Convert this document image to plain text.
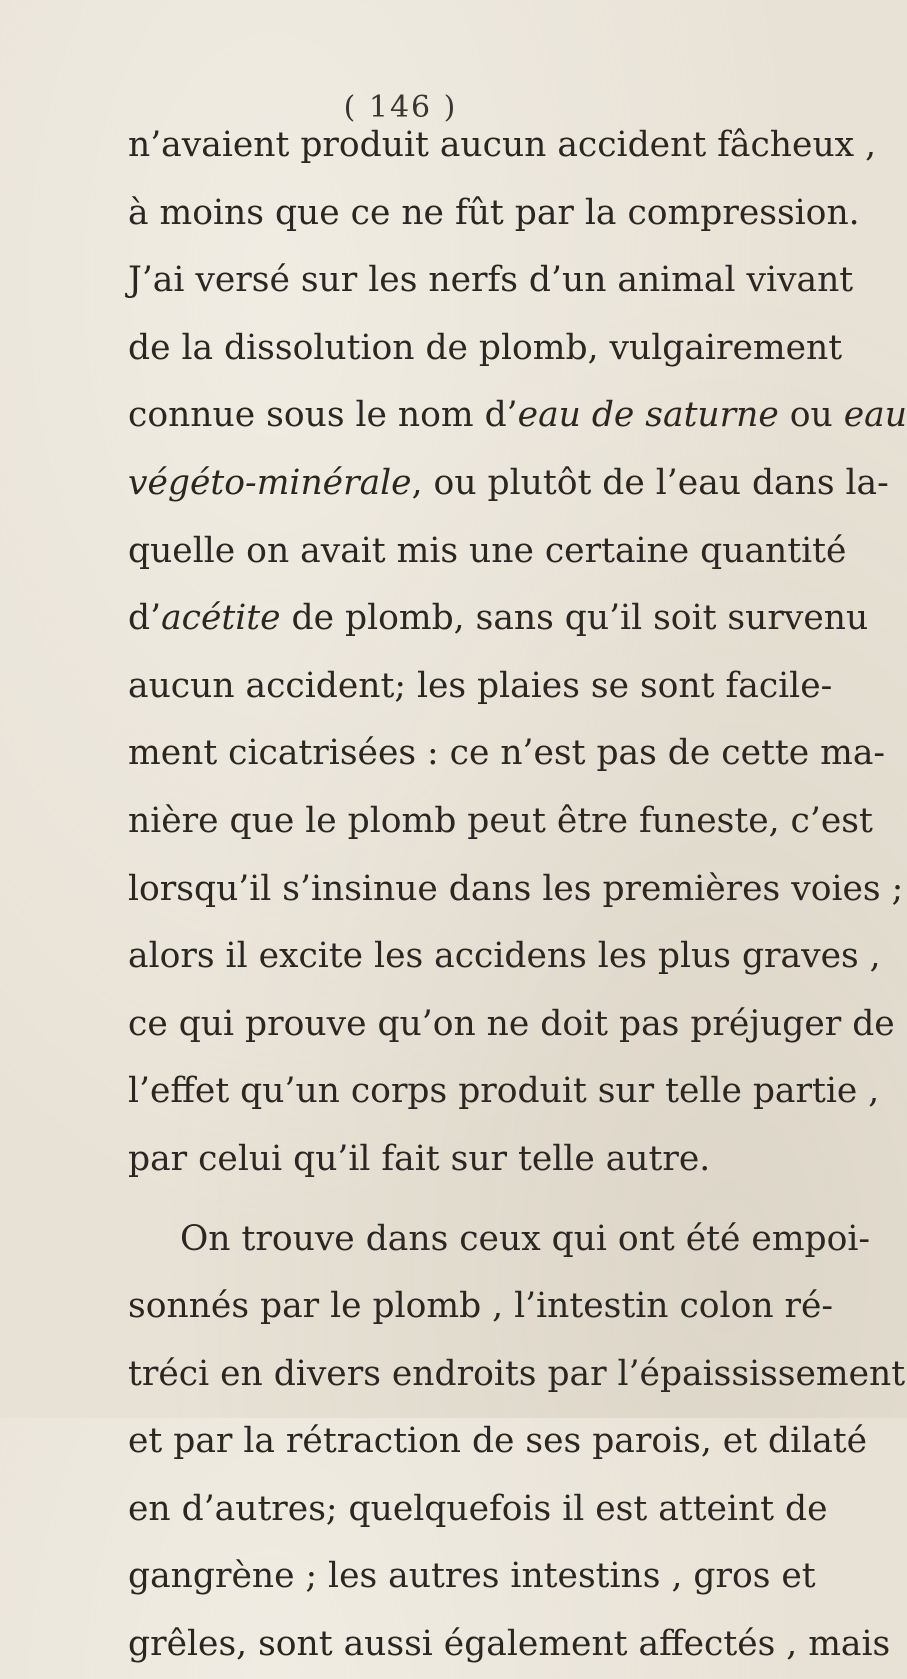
( 146 )
n’avaient produit aucun accident fâcheux ,
à moins que ce ne fût par la compression.
J’ai versé sur les nerfs d’un animal vivant
de la dissolution de plomb, vulgairement
connue sous le nom d’eau de saturne ou eau
végéto-minérale, ou plutôt de l’eau dans la-
quelle on avait mis une certaine quantité
d’acétite de plomb, sans qu’il soit survenu
aucun accident; les plaies se sont facile-
ment cicatrisées : ce n’est pas de cette ma-
nière que le plomb peut être funeste, c’est
lorsqu’il s’insinue dans les premières voies ;
alors il excite les accidens les plus graves ,
ce qui prouve qu’on ne doit pas préjuger de
l’effet qu’un corps produit sur telle partie ,
par celui qu’il fait sur telle autre.
On trouve dans ceux qui ont été empoi-
sonnés par le plomb , l’intestin colon ré-
tréci en divers endroits par l’épaississement
et par la rétraction de ses parois, et dilaté
en d’autres; quelquefois il est atteint de
gangrène ; les autres intestins , gros et
grêles, sont aussi également affectés , mais
